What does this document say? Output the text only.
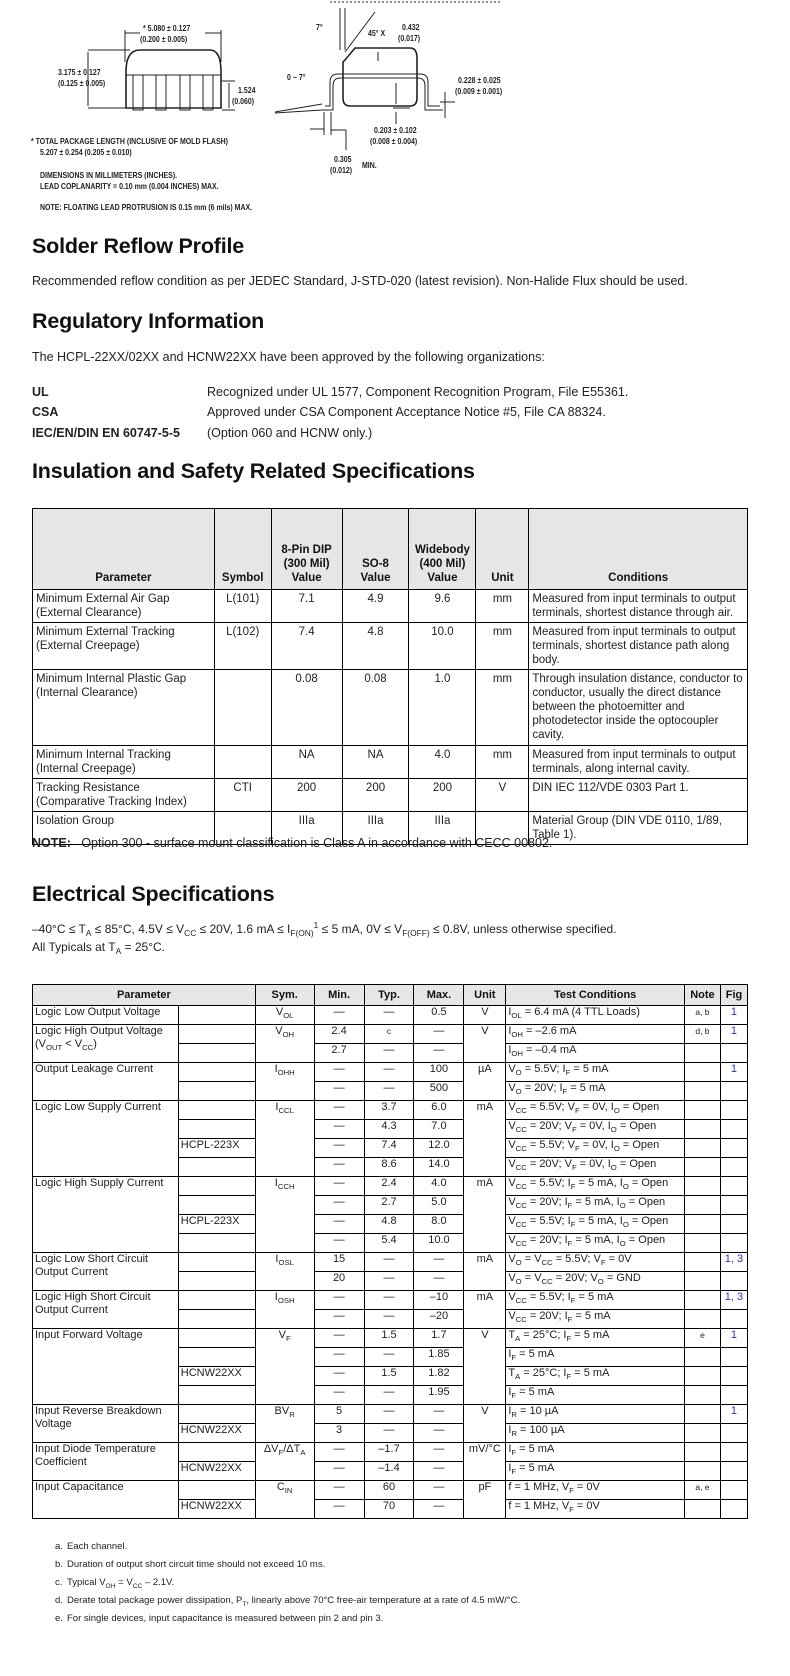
* 5.080 ± 0.127
(0.200 ± 0.005)
3.175 ± 0.127
(0.125 ± 0.005)
1.524
(0.060)
7°
45° X
0.432
(0.017)
0 ~ 7°	0.228 ± 0.025
(0.009 ± 0.001)
0.203 ± 0.102
(0.008 ± 0.004)
0.305
(0.012) MIN.
* TOTAL PACKAGE LENGTH (INCLUSIVE OF MOLD FLASH)
5.207 ± 0.254 (0.205 ± 0.010)
DIMENSIONS IN MILLIMETERS (INCHES).
LEAD COPLANARITY = 0.10 mm (0.004 INCHES) MAX.
NOTE: FLOATING LEAD PROTRUSION IS 0.15 mm (6 mils) MAX.
Solder Reflow Profile
Recommended reflow condition as per JEDEC Standard, J-STD-020 (latest revision). Non-Halide Flux should be used.
Regulatory Information
The HCPL-22XX/02XX and HCNW22XX have been approved by the following organizations:
UL	Recognized under UL 1577, Component Recognition Program, File E55361.
CSA	Approved under CSA Component Acceptance Notice #5, File CA 88324.
IEC/EN/DIN EN 60747-5-5 (Option 060 and HCNW only.)
Insulation and Safety Related Specifications
Parameter	Symbol	8-Pin DIP
(300 Mil)
Value	SO-8
Value	Widebody
(400 Mil)
Value	Unit	Conditions
Minimum External Air Gap (External Clearance)	L(101)	7.1	4.9	9.6	mm	Measured from input terminals to output terminals, shortest distance through air.
Minimum External Tracking (External Creepage)	L(102)	7.4	4.8	10.0	mm	Measured from input terminals to output terminals, shortest distance path along body.
Minimum Internal Plastic Gap (Internal Clearance)		0.08	0.08	1.0	mm	Through insulation distance, conductor to conductor, usually the direct distance between the photoemitter and photodetector inside the optocoupler cavity.
Minimum Internal Tracking (Internal Creepage)		NA	NA	4.0	mm	Measured from input terminals to output terminals, along internal cavity.
Tracking Resistance (Comparative Tracking Index)	CTI	200	200	200	V	DIN IEC 112/VDE 0303 Part 1.
Isolation Group		IIIa	IIIa	IIIa		Material Group (DIN VDE 0110, 1/89, Table 1).
NOTE: Option 300 - surface mount classification is Class A in accordance with CECC 00802.
Electrical Specifications
$-40^\circ C \le T_A \le 85^\circ C$, $4.5V \le V_{CC} \le 20V$, 1.6 mA ≤ $I_{F(ON)}^1 \le 5$ mA, $0V \le V_{F(OFF)} \le 0.8V$, unless otherwise specified.
All Typicals at $T_A = 25^\circ C$.
Parameter		Sym.	Min.	Typ.	Max.	Unit	Test Conditions	Note	Fig
Logic Low Output Voltage		$V_{OL}$	—	—	0.5	V	$I_{OL} = 6.4$ mA (4 TTL Loads)	a, b	1
Logic High Output Voltage $(V_{OUT} < V_{CC})$		$V_{OH}$	2.4	c	—	V	$I_{OH} = -2.6$ mA	d, b	1
			2.7	—	—		$I_{OH} = -0.4$ mA		
Output Leakage Current		$I_{OHH}$	—	—	100	µA	$V_O = 5.5V$; $I_F = 5$ mA		1
			—	—	500		$V_O = 20V$; $I_F = 5$ mA		
Logic Low Supply Current		$I_{CCL}$	—	3.7	6.0	mA	$V_{CC} = 5.5V$; $V_F = 0V$, $I_O$ = Open		
			—	4.3	7.0		$V_{CC} = 20V$; $V_F = 0V$, $I_O$ = Open		
	HCPL-223X		—	7.4	12.0		$V_{CC} = 5.5V$; $V_F = 0V$, $I_O$ = Open		
			—	8.6	14.0		$V_{CC} = 20V$; $V_F = 0V$, $I_O$ = Open		
Logic High Supply Current		$I_{CCH}$	—	2.4	4.0	mA	$V_{CC} = 5.5V$; $I_F = 5$ mA, $I_O$ = Open		
			—	2.7	5.0		$V_{CC} = 20V$; $I_F = 5$ mA, $I_O$ = Open		
	HCPL-223X		—	4.8	8.0		$V_{CC} = 5.5V$; $I_F = 5$ mA, $I_O$ = Open		
			—	5.4	10.0		$V_{CC} = 20V$; $I_F = 5$ mA, $I_O$ = Open		
Logic Low Short Circuit Output Current		$I_{OSL}$	15	—	—	mA	$V_O = V_{CC} = 5.5V$; $V_F = 0V$		1, 3
			20	—	—		$V_O = V_{CC} = 20V$; $V_O$ = GND		
Logic High Short Circuit Output Current		$I_{OSH}$	—	—	–10	mA	$V_{CC} = 5.5V$; $I_F = 5$ mA		1, 3
			—	—	–20		$V_{CC} = 20V$; $I_F = 5$ mA		
Input Forward Voltage		$V_F$	—	1.5	1.7	V	$T_A = 25^\circ C$; $I_F = 5$ mA	e	1
			—	—	1.85		$I_F = 5$ mA		
	HCNW22XX		—	1.5	1.82		$T_A = 25^\circ C$; $I_F = 5$ mA		
			—	—	1.95		$I_F = 5$ mA		
Input Reverse Breakdown Voltage		$BV_R$	5	—	—	V	$I_R = 10$ µA		1
	HCNW22XX		3	—	—		$I_R = 100$ µA		
Input Diode Temperature Coefficient		$\Delta V_F/\Delta T_A$	—	–1.7	—	mV/°C	$I_F = 5$ mA		
	HCNW22XX		—	–1.4	—		$I_F = 5$ mA		
Input Capacitance		$C_{IN}$	—	60	—	pF	f = 1 MHz, $V_F = 0V$	a, e	
	HCNW22XX		—	70	—		f = 1 MHz, $V_F = 0V$		
a. Each channel.
b. Duration of output short circuit time should not exceed 10 ms.
c. Typical $V_{OH} = V_{CC} - 2.1V$.
d. Derate total package power dissipation, $P_T$, linearly above 70°C free-air temperature at a rate of 4.5 mW/°C.
e. For single devices, input capacitance is measured between pin 2 and pin 3.
